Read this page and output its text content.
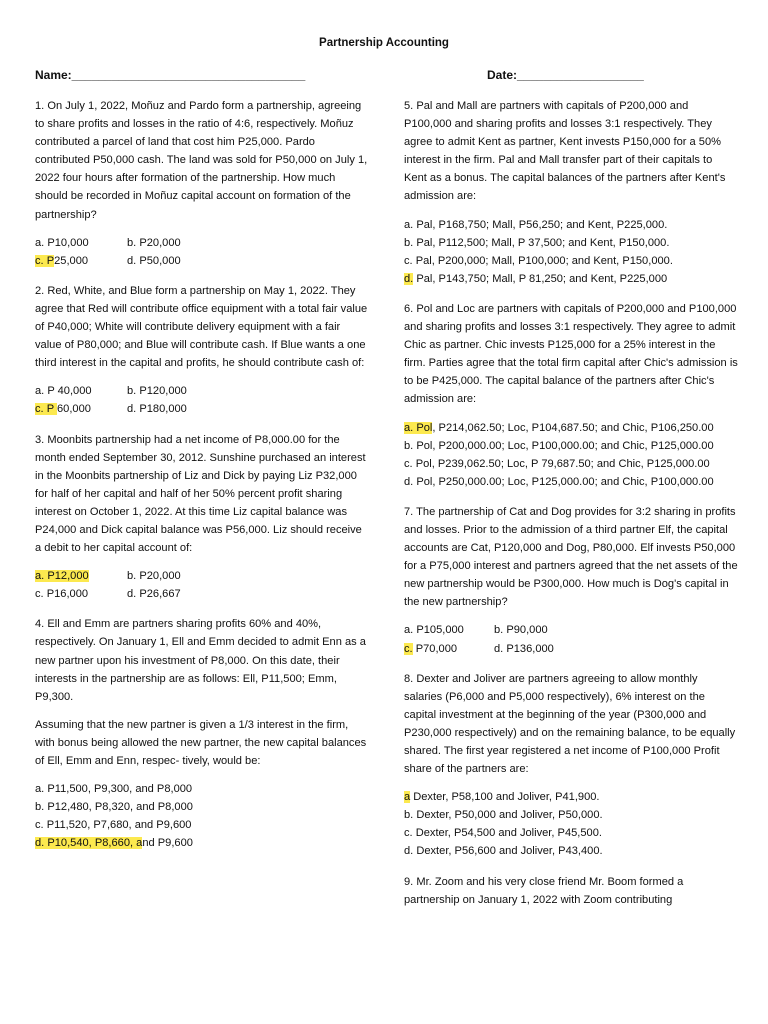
Partnership Accounting
Name:___________________________________	Date:___________________
1. On July 1, 2022, Moñuz and Pardo form a partnership, agreeing to share profits and losses in the ratio of 4:6, respectively. Moñuz contributed a parcel of land that cost him P25,000. Pardo contributed P50,000 cash. The land was sold for P50,000 on July 1, 2022 four hours after formation of the partnership. How much should be recorded in Moñuz capital account on formation of the partnership?
a. P10,000	b. P20,000
c. P25,000	d. P50,000
2. Red, White, and Blue form a partnership on May 1, 2022. They agree that Red will contribute office equipment with a total fair value of P40,000; White will contribute delivery equipment with a fair value of P80,000; and Blue will contribute cash. If Blue wants a one third interest in the capital and profits, he should contribute cash of:
a. P 40,000	b. P120,000
c. P 60,000	d. P180,000
3. Moonbits partnership had a net income of P8,000.00 for the month ended September 30, 2012. Sunshine purchased an interest in the Moonbits partnership of Liz and Dick by paying Liz P32,000 for half of her capital and half of her 50% percent profit sharing interest on October 1, 2022. At this time Liz capital balance was P24,000 and Dick capital balance was P56,000. Liz should receive a debit to her capital account of:
a. P12,000	b. P20,000
c. P16,000	d. P26,667
4. Ell and Emm are partners sharing profits 60% and 40%, respectively. On January 1, Ell and Emm decided to admit Enn as a new partner upon his investment of P8,000. On this date, their interests in the partnership are as follows: Ell, P11,500; Emm, P9,300.
Assuming that the new partner is given a 1/3 interest in the firm, with bonus being allowed the new partner, the new capital balances of Ell, Emm and Enn, respec- tively, would be:
a. P11,500, P9,300, and P8,000
b. P12,480, P8,320, and P8,000
c. P11,520, P7,680, and P9,600
d. P10,540, P8,660, and P9,600
5. Pal and Mall are partners with capitals of P200,000 and P100,000 and sharing profits and losses 3:1 respectively. They agree to admit Kent as partner, Kent invests P150,000 for a 50% interest in the firm. Pal and Mall transfer part of their capitals to Kent as a bonus. The capital balances of the partners after Kent's admission are:
a. Pal, P168,750; Mall, P56,250; and Kent, P225,000.
b. Pal, P112,500; Mall, P 37,500; and Kent, P150,000.
c. Pal, P200,000; Mall, P100,000; and Kent, P150,000.
d. Pal, P143,750; Mall, P 81,250; and Kent, P225,000
6. Pol and Loc are partners with capitals of P200,000 and P100,000 and sharing profits and losses 3:1 respectively. They agree to admit Chic as partner. Chic invests P125,000 for a 25% interest in the firm. Parties agree that the total firm capital after Chic's admission is to be P425,000. The capital balance of the partners after Chic's admission are:
a. Pol, P214,062.50; Loc, P104,687.50; and Chic, P106,250.00
b. Pol, P200,000.00; Loc, P100,000.00; and Chic, P125,000.00
c. Pol, P239,062.50; Loc, P 79,687.50; and Chic, P125,000.00
d. Pol, P250,000.00; Loc, P125,000.00; and Chic, P100,000.00
7. The partnership of Cat and Dog provides for 3:2 sharing in profits and losses. Prior to the admission of a third partner Elf, the capital accounts are Cat, P120,000 and Dog, P80,000. Elf invests P50,000 for a P75,000 interest and partners agreed that the net assets of the new partnership would be P300,000. How much is Dog's capital in the new partnership?
a. P105,000	b. P90,000
c. P70,000	d. P136,000
8. Dexter and Joliver are partners agreeing to allow monthly salaries (P6,000 and P5,000 respectively), 6% interest on the capital investment at the beginning of the year (P300,000 and P230,000 respectively) and on the remaining balance, to be equally shared. The first year registered a net income of P100,000 Profit share of the partners are:
a Dexter, P58,100 and Joliver, P41,900.
b. Dexter, P50,000 and Joliver, P50,000.
c. Dexter, P54,500 and Joliver, P45,500.
d. Dexter, P56,600 and Joliver, P43,400.
9. Mr. Zoom and his very close friend Mr. Boom formed a partnership on January 1, 2022 with Zoom contributing
